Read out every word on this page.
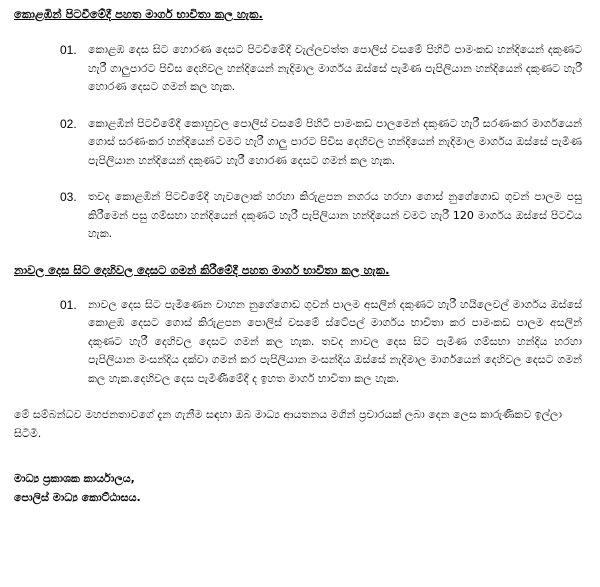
කොළඹින් පිටවීමේදී පහත මාර්ග භාවිතා කල හැක.
01.	කොළඹ දෙස සිට හොරණ දෙසට පිටවීමේදී වැල්ලවත්ත පොලිස් වසමේ පිහිටි පාමංකඩ හන්දියෙන් දකුණට හැරී ගාලුපාරට පිවිස දෙහිවල හන්දියෙන් නැදිමාල මාර්ගය ඔස්සේ පැමිණ පැපිලියාන හන්දියෙන් දකුණට හැරී හොරණ දෙසට ගමන් කල හැක.
02.	කොළඹින් පිටවීමේදී කොහුවල පොලිස් වසමේ පිහිටි පාමංකඩ පාලමෙන් දකුණට හැරී සරණංකර මාර්ගයෙන් ගොස් සරණංකර හන්දියෙන් වමට හැරී ගාලු පාරට පිවිස දෙහිවල හන්දියෙන් නැදිමාල මාර්ගය ඔස්සේ පැමිණ පැපිලියාන හන්දියෙන් දකුණට හැරී හොරණ දෙසට ගමන් කල හැක.
03.	තවද කොළඹින් පිටවීමේදී හැවලොක් හරහා කිරුළපන නගරය හරහා ගොස් නුගේගොඩ ගුවන් පාලම පසු කිරීමෙන් පසු ගම්සභා හන්දියෙන් දකුණට හැරී පැපිලියාන හන්දියෙන් වමට හැරී 120 මාර්ගය ඔස්සේ පිටවිය හැක.
නාවල දෙස සිට දෙහිවල දෙසට ගමන් කිරීමේදී පහත මාර්ග භාවිතා කල හැක.
01.	නාවල දෙස සිට පැමිණෙන වාහන නුගේගොඩ ගුවන් පාලම අසලින් දකුණට හැරී හයිලෙවල් මාර්ගය ඔස්සේ කොළඹ දෙසට ගොස් කිරුළපන පොලිස් වසමේ ස්ටේපල් මාර්ගය භාවිතා කර පාමංකඩ පාලම අසලින් දකුණට හැරී දෙහිවල දෙසට ගමන් කල හැක. තවද නාවල දෙස සිට පැමිණ ගම්සභා හන්දිය හරහා පැපිලියාන මංසන්දිය දක්වා ගමන් කර පැපිලියාන මංසන්දිය ඔස්සේ නැදිමාල මාර්ගයෙන් දෙහිවල දෙසට ගමන් කල හැක.දෙහිවල දෙස පැමිණීමේදී ද ඉහත මාර්ග භාවිතා කල හැක.
මේ සම්බන්ධව මහජනතාවගේ දැන ගැනීම සඳහා ඔබ මාධ්‍ය ආයතනය මගින් ප්‍රචාරයක් ලබා දෙන ලෙස කාරුණිකව ඉල්ලා සිටිමි.
මාධ්‍ය ප්‍රකාශක කාර්යාලය,
පොලිස් මාධ්‍ය කොට්ඨාසය.
